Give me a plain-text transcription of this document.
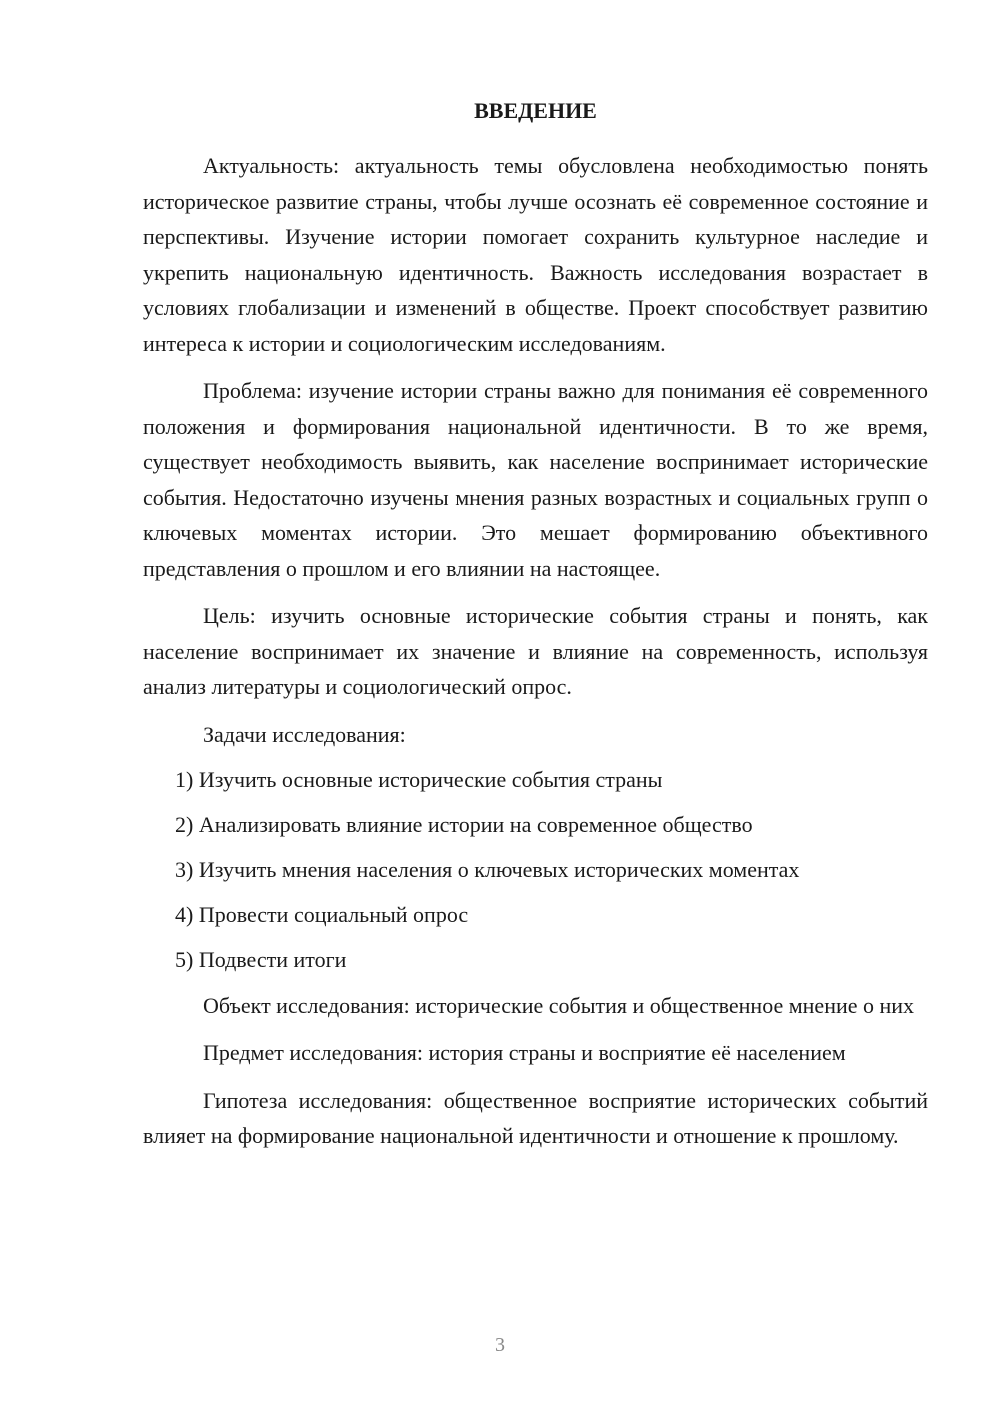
ВВЕДЕНИЕ

Актуальность: актуальность темы обусловлена необходимостью понять историческое развитие страны, чтобы лучше осознать её современное состояние и перспективы. Изучение истории помогает сохранить культурное наследие и укрепить национальную идентичность. Важность исследования возрастает в условиях глобализации и изменений в обществе. Проект способствует развитию интереса к истории и социологическим исследованиям.

Проблема: изучение истории страны важно для понимания её современного положения и формирования национальной идентичности. В то же время, существует необходимость выявить, как население воспринимает исторические события. Недостаточно изучены мнения разных возрастных и социальных групп о ключевых моментах истории. Это мешает формированию объективного представления о прошлом и его влиянии на настоящее.

Цель: изучить основные исторические события страны и понять, как население воспринимает их значение и влияние на современность, используя анализ литературы и социологический опрос.

Задачи исследования:

1) Изучить основные исторические события страны
2) Анализировать влияние истории на современное общество
3) Изучить мнения населения о ключевых исторических моментах
4) Провести социальный опрос
5) Подвести итоги

Объект исследования: исторические события и общественное мнение о них

Предмет исследования: история страны и восприятие её населением

Гипотеза исследования: общественное восприятие исторических событий влияет на формирование национальной идентичности и отношение к прошлому.

3
